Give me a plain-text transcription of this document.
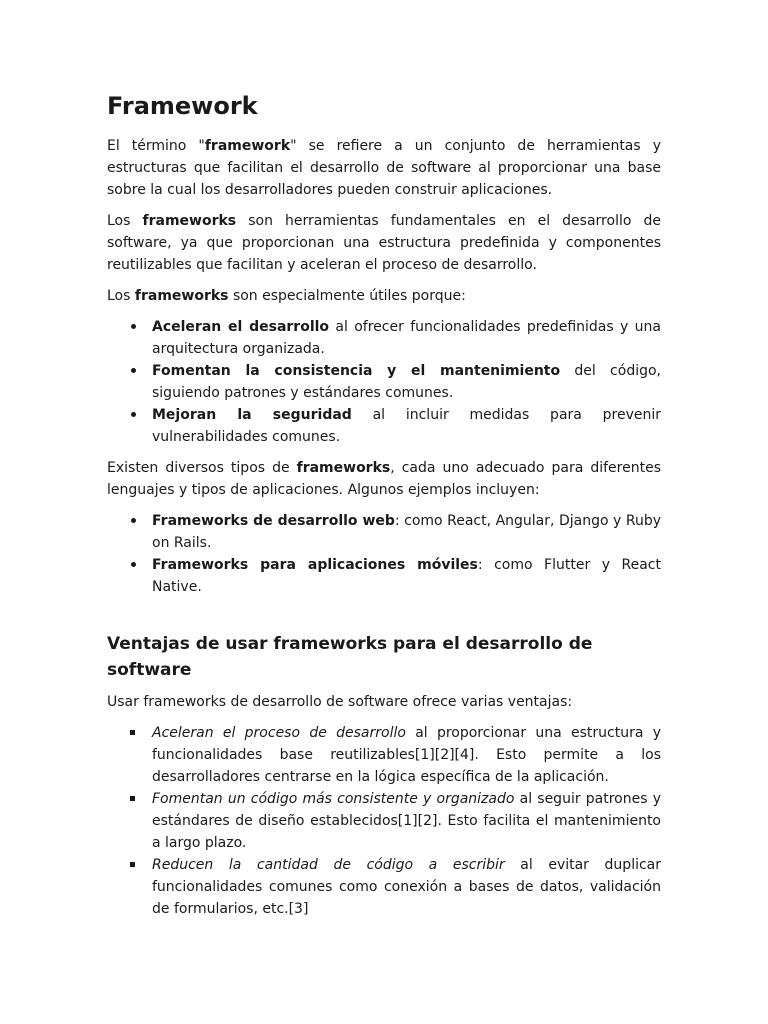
Framework

El término "framework" se refiere a un conjunto de herramientas y estructuras que facilitan el desarrollo de software al proporcionar una base sobre la cual los desarrolladores pueden construir aplicaciones.

Los frameworks son herramientas fundamentales en el desarrollo de software, ya que proporcionan una estructura predefinida y componentes reutilizables que facilitan y aceleran el proceso de desarrollo.

Los frameworks son especialmente útiles porque:

Aceleran el desarrollo al ofrecer funcionalidades predefinidas y una arquitectura organizada.
Fomentan la consistencia y el mantenimiento del código, siguiendo patrones y estándares comunes.
Mejoran la seguridad al incluir medidas para prevenir vulnerabilidades comunes.

Existen diversos tipos de frameworks, cada uno adecuado para diferentes lenguajes y tipos de aplicaciones. Algunos ejemplos incluyen:

Frameworks de desarrollo web: como React, Angular, Django y Ruby on Rails.
Frameworks para aplicaciones móviles: como Flutter y React Native.
Ventajas de usar frameworks para el desarrollo de software

Usar frameworks de desarrollo de software ofrece varias ventajas:

Aceleran el proceso de desarrollo al proporcionar una estructura y funcionalidades base reutilizables[1][2][4]. Esto permite a los desarrolladores centrarse en la lógica específica de la aplicación.
Fomentan un código más consistente y organizado al seguir patrones y estándares de diseño establecidos[1][2]. Esto facilita el mantenimiento a largo plazo.
Reducen la cantidad de código a escribir al evitar duplicar funcionalidades comunes como conexión a bases de datos, validación de formularios, etc.[3]
